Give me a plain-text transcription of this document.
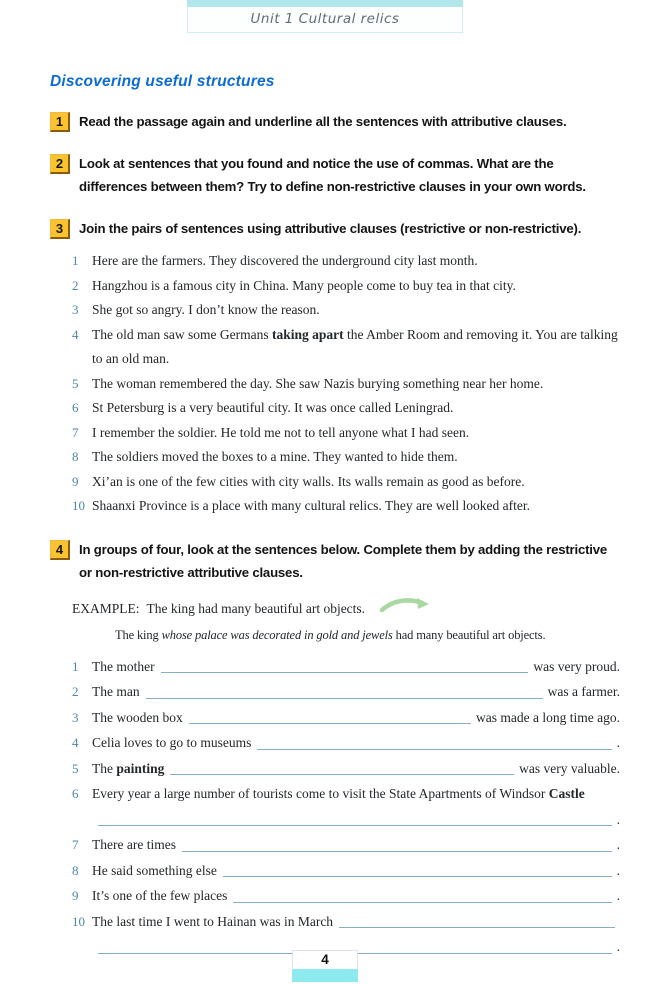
Unit 1 Cultural relics
Discovering useful structures
1	Read the passage again and underline all the sentences with attributive clauses.
2	Look at sentences that you found and notice the use of commas. What are the differences between them? Try to define non-restrictive clauses in your own words.
3	Join the pairs of sentences using attributive clauses (restrictive or non-restrictive).
1	Here are the farmers. They discovered the underground city last month.
2	Hangzhou is a famous city in China. Many people come to buy tea in that city.
3	She got so angry. I don’t know the reason.
4	The old man saw some Germans taking apart the Amber Room and removing it. You are talking to an old man.
5	The woman remembered the day. She saw Nazis burying something near her home.
6	St Petersburg is a very beautiful city. It was once called Leningrad.
7	I remember the soldier. He told me not to tell anyone what I had seen.
8	The soldiers moved the boxes to a mine. They wanted to hide them.
9	Xi’an is one of the few cities with city walls. Its walls remain as good as before.
10 Shaanxi Province is a place with many cultural relics. They are well looked after.
4	In groups of four, look at the sentences below. Complete them by adding the restrictive or non-restrictive attributive clauses.
EXAMPLE: The king had many beautiful art objects.
The king whose palace was decorated in gold and jewels had many beautiful art objects.
1	The mother	was very proud.
2	The man	was a farmer.
3	The wooden box	was made a long time ago.
4	Celia loves to go to museums	.
5	The painting	was very valuable.
6	Every year a large number of tourists come to visit the State Apartments of Windsor Castle
.
7	There are times	.
8	He said something else	.
9	It’s one of the few places	.
10 The last time I went to Hainan was in March
.
4
